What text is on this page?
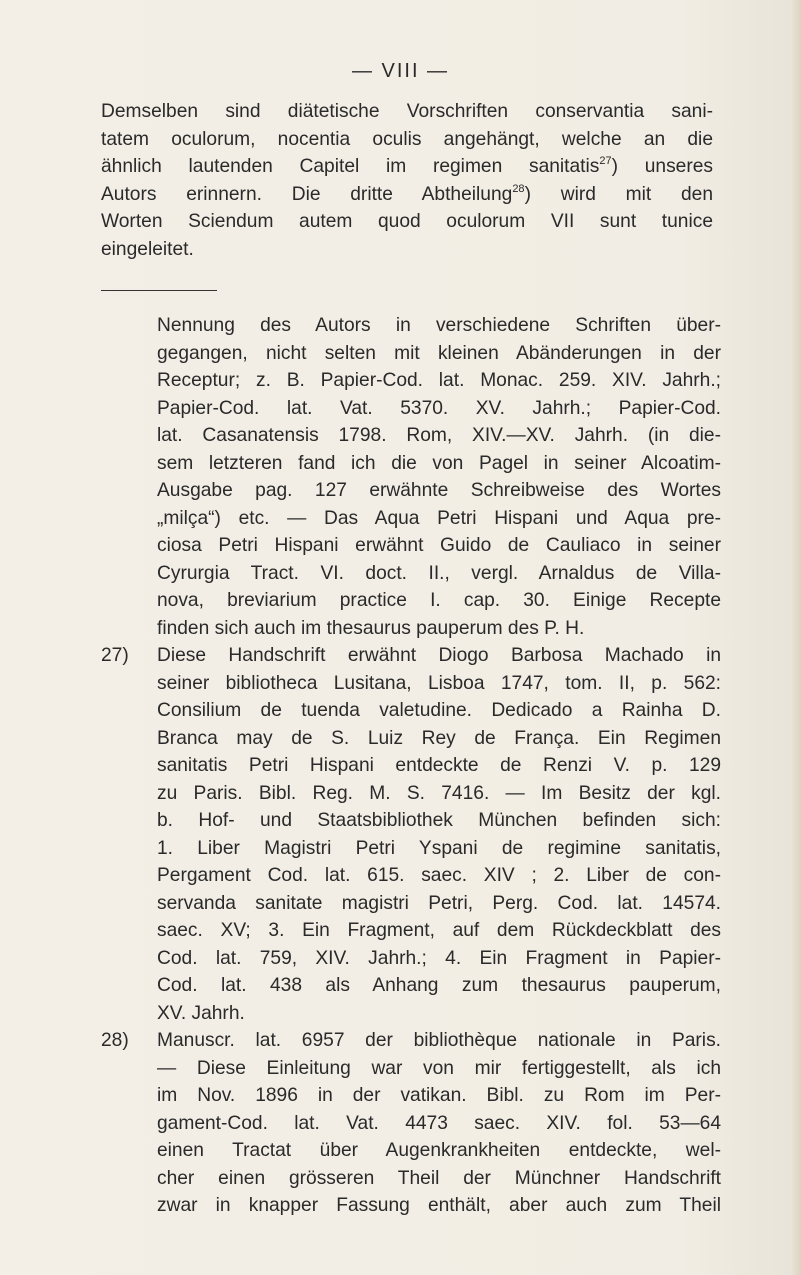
— VIII —
Demselben sind diätetische Vorschriften conservantia sani-
tatem oculorum, nocentia oculis angehängt, welche an die
ähnlich lautenden Capitel im regimen sanitatis$^{27}$) unseres
Autors erinnern. Die dritte Abtheilung$^{28}$) wird mit den
Worten Sciendum autem quod oculorum VII sunt tunice
eingeleitet.
Nennung des Autors in verschiedene Schriften über-
gegangen, nicht selten mit kleinen Abänderungen in der
Receptur; z. B. Papier-Cod. lat. Monac. 259. XIV. Jahrh.;
Papier-Cod. lat. Vat. 5370. XV. Jahrh.; Papier-Cod.
lat. Casanatensis 1798. Rom, XIV.—XV. Jahrh. (in die-
sem letzteren fand ich die von Pagel in seiner Alcoatim-
Ausgabe pag. 127 erwähnte Schreibweise des Wortes
„milça“) etc. — Das Aqua Petri Hispani und Aqua pre-
ciosa Petri Hispani erwähnt Guido de Cauliaco in seiner
Cyrurgia Tract. VI. doct. II., vergl. Arnaldus de Villa-
nova, breviarium practice I. cap. 30. Einige Recepte
finden sich auch im thesaurus pauperum des P. H.
27) Diese Handschrift erwähnt Diogo Barbosa Machado in
seiner bibliotheca Lusitana, Lisboa 1747, tom. II, p. 562:
Consilium de tuenda valetudine. Dedicado a Rainha D.
Branca may de S. Luiz Rey de França. Ein Regimen
sanitatis Petri Hispani entdeckte de Renzi V. p. 129
zu Paris. Bibl. Reg. M. S. 7416. — Im Besitz der kgl.
b. Hof- und Staatsbibliothek München befinden sich:
1. Liber Magistri Petri Yspani de regimine sanitatis,
Pergament Cod. lat. 615. saec. XIV ; 2. Liber de con-
servanda sanitate magistri Petri, Perg. Cod. lat. 14574.
saec. XV; 3. Ein Fragment, auf dem Rückdeckblatt des
Cod. lat. 759, XIV. Jahrh.; 4. Ein Fragment in Papier-
Cod. lat. 438 als Anhang zum thesaurus pauperum,
XV. Jahrh.
28) Manuscr. lat. 6957 der bibliothèque nationale in Paris.
— Diese Einleitung war von mir fertiggestellt, als ich
im Nov. 1896 in der vatikan. Bibl. zu Rom im Per-
gament-Cod. lat. Vat. 4473 saec. XIV. fol. 53—64
einen Tractat über Augenkrankheiten entdeckte, wel-
cher einen grösseren Theil der Münchner Handschrift
zwar in knapper Fassung enthält, aber auch zum Theil
